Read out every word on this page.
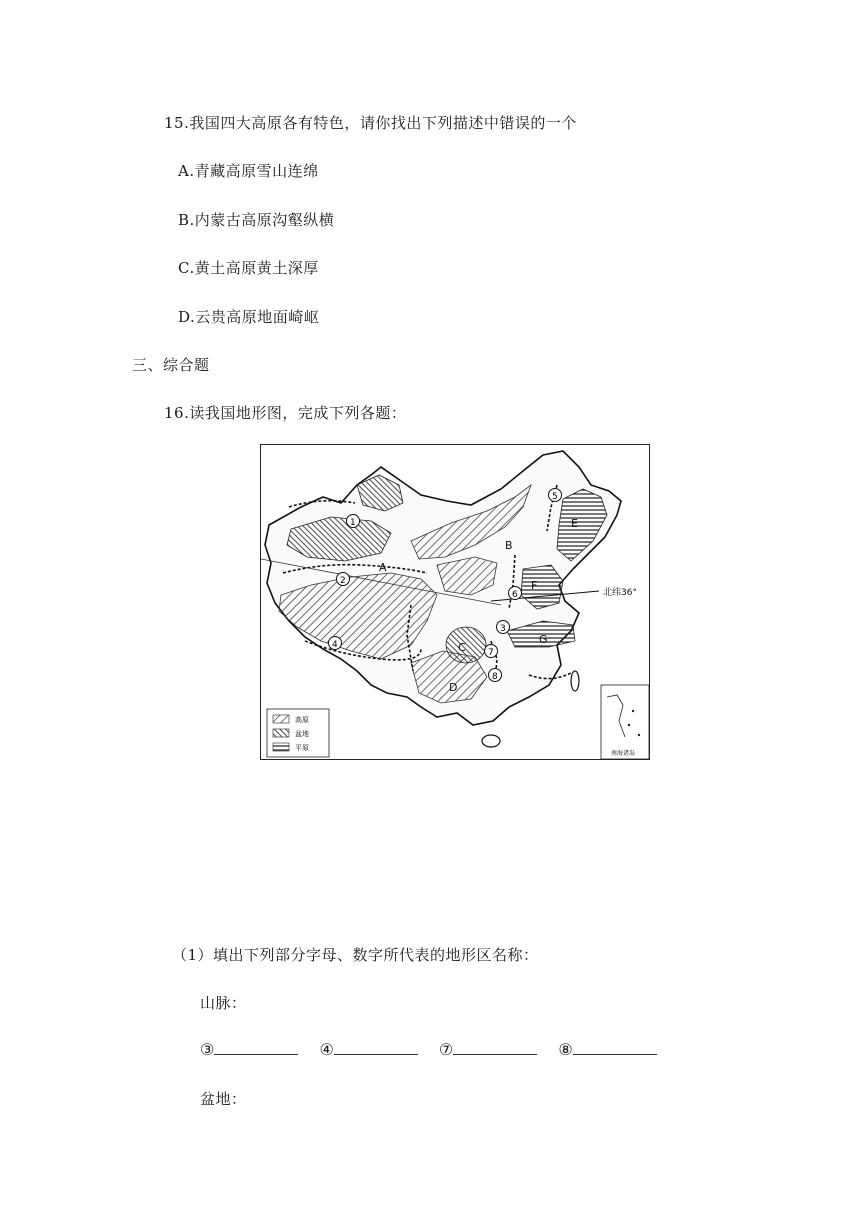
15.我国四大高原各有特色，请你找出下列描述中错误的一个
A.青藏高原雪山连绵
B.内蒙古高原沟壑纵横
C.黄土高原黄土深厚
D.云贵高原地面崎岖
三、综合题
16.读我国地形图，完成下列各题：
北纬36°
A
B
C
D
E
F
G
1
2
3
4
5
6
7
8
高原
盆地
平原
南海诸岛
（1）填出下列部分字母、数字所代表的地形区名称：
山脉：
③	④	⑦	⑧
盆地：
